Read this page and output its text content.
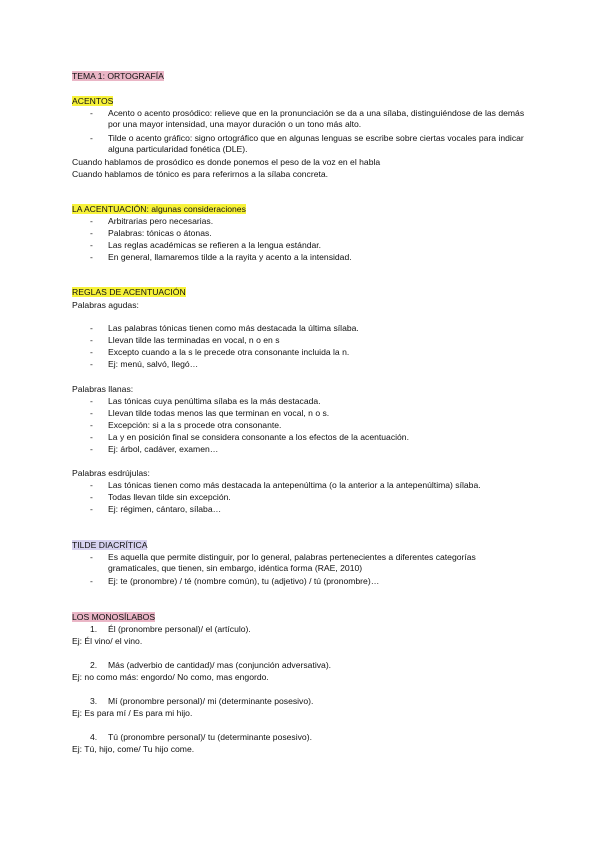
TEMA 1: ORTOGRAFÍA
ACENTOS
- Acento o acento prosódico: relieve que en la pronunciación se da a una sílaba, distinguiéndose de las demás por una mayor intensidad, una mayor duración o un tono más alto.
- Tilde o acento gráfico: signo ortográfico que en algunas lenguas se escribe sobre ciertas vocales para indicar alguna particularidad fonética (DLE).
Cuando hablamos de prosódico es donde ponemos el peso de la voz en el habla
Cuando hablamos de tónico es para referirnos a la sílaba concreta.
LA ACENTUACIÓN: algunas consideraciones
- Arbitrarias pero necesarias.
- Palabras: tónicas o átonas.
- Las reglas académicas se refieren a la lengua estándar.
- En general, llamaremos tilde a la rayita y acento a la intensidad.
REGLAS DE ACENTUACIÓN
Palabras agudas:
- Las palabras tónicas tienen como más destacada la última sílaba.
- Llevan tilde las terminadas en vocal, n o en s
- Excepto cuando a la s le precede otra consonante incluida la n.
- Ej: menú, salvó, llegó…
Palabras llanas:
- Las tónicas cuya penúltima sílaba es la más destacada.
- Llevan tilde todas menos las que terminan en vocal, n o s.
- Excepción: si a la s procede otra consonante.
- La y en posición final se considera consonante a los efectos de la acentuación.
- Ej: árbol, cadáver, examen…
Palabras esdrújulas:
- Las tónicas tienen como más destacada la antepenúltima (o la anterior a la antepenúltima) sílaba.
- Todas llevan tilde sin excepción.
- Ej: régimen, cántaro, sílaba…
TILDE DIACRÍTICA
- Es aquella que permite distinguir, por lo general, palabras pertenecientes a diferentes categorías gramaticales, que tienen, sin embargo, idéntica forma (RAE, 2010)
- Ej: te (pronombre) / té (nombre común), tu (adjetivo) / tú (pronombre)…
LOS MONOSÍLABOS
1. Él (pronombre personal)/ el (artículo).
Ej: Él vino/ el vino.
2. Más (adverbio de cantidad)/ mas (conjunción adversativa).
Ej: no como más: engordo/ No como, mas engordo.
3. Mí (pronombre personal)/ mi (determinante posesivo).
Ej: Es para mí / Es para mi hijo.
4. Tú (pronombre personal)/ tu (determinante posesivo).
Ej: Tú, hijo, come/ Tu hijo come.
